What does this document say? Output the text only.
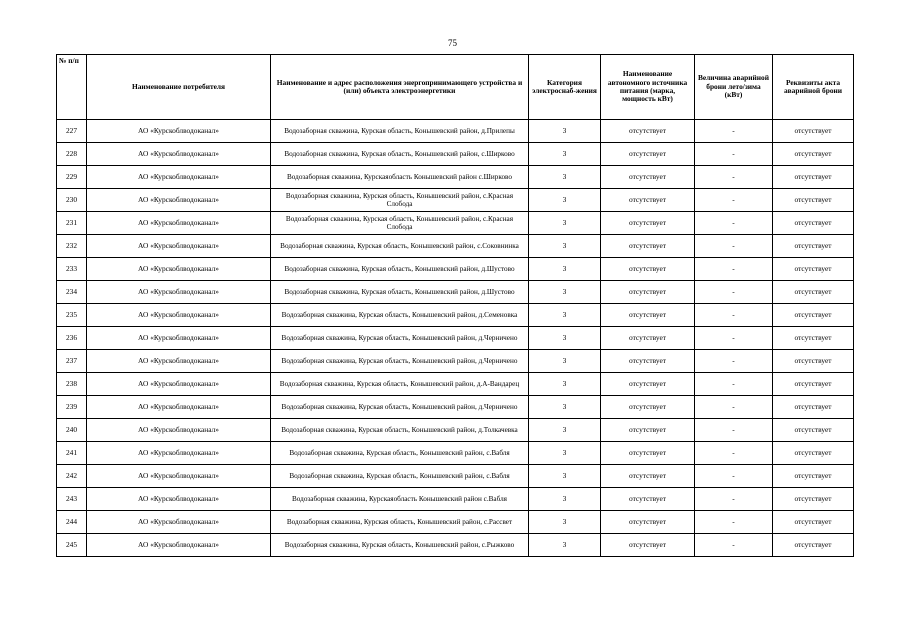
75
№ п/п	Наименование потребителя	Наименование и адрес расположения энергопринимающего устройства и (или) объекта электроэнергетики	Категория электроснаб-жения	Наименование автономного источника питания (марка, мощность кВт)	Величина аварийной брони лето/зима (кВт)	Реквизиты акта аварийной брони
227	АО «Курскоблводоканал»	Водозаборная скважина, Курская область, Конышевский район, д.Прилепы	3	отсутствует	-	отсутствует
228	АО «Курскоблводоканал»	Водозаборная скважина, Курская область, Конышевский район, с.Ширково	3	отсутствует	-	отсутствует
229	АО «Курскоблводоканал»	Водозаборная скважина, Курскаяобласть Конышевский район с.Ширково	3	отсутствует	-	отсутствует
230	АО «Курскоблводоканал»	Водозаборная скважина, Курская область, Конышевский район, с.Красная Слобода	3	отсутствует	-	отсутствует
231	АО «Курскоблводоканал»	Водозаборная скважина, Курская область, Конышевский район, с.Красная Слобода	3	отсутствует	-	отсутствует
232	АО «Курскоблводоканал»	Водозаборная скважина, Курская область, Конышевский район, с.Соковнинка	3	отсутствует	-	отсутствует
233	АО «Курскоблводоканал»	Водозаборная скважина, Курская область, Конышевский район, д.Шустово	3	отсутствует	-	отсутствует
234	АО «Курскоблводоканал»	Водозаборная скважина, Курская область, Конышевский район, д.Шустово	3	отсутствует	-	отсутствует
235	АО «Курскоблводоканал»	Водозаборная скважина, Курская область, Конышевский район, д.Семеновка	3	отсутствует	-	отсутствует
236	АО «Курскоблводоканал»	Водозаборная скважина, Курская область, Конышевский район, д.Черничено	3	отсутствует	-	отсутствует
237	АО «Курскоблводоканал»	Водозаборная скважина, Курская область, Конышевский район, д.Черничено	3	отсутствует	-	отсутствует
238	АО «Курскоблводоканал»	Водозаборная скважина, Курская область, Конышевский район, д.А-Вандарец	3	отсутствует	-	отсутствует
239	АО «Курскоблводоканал»	Водозаборная скважина, Курская область, Конышевский район, д.Черничено	3	отсутствует	-	отсутствует
240	АО «Курскоблводоканал»	Водозаборная скважина, Курская область, Конышевский район, д.Толкачевка	3	отсутствует	-	отсутствует
241	АО «Курскоблводоканал»	Водозаборная скважина, Курская область, Конышевский район, с.Вабля	3	отсутствует	-	отсутствует
242	АО «Курскоблводоканал»	Водозаборная скважина, Курская область, Конышевский район, с.Вабля	3	отсутствует	-	отсутствует
243	АО «Курскоблводоканал»	Водозаборная скважина, Курскаяобласть Конышевский район с.Вабля	3	отсутствует	-	отсутствует
244	АО «Курскоблводоканал»	Водозаборная скважина, Курская область, Конышевский район, с.Рассвет	3	отсутствует	-	отсутствует
245	АО «Курскоблводоканал»	Водозаборная скважина, Курская область, Конышевский район, с.Рыжково	3	отсутствует	-	отсутствует
